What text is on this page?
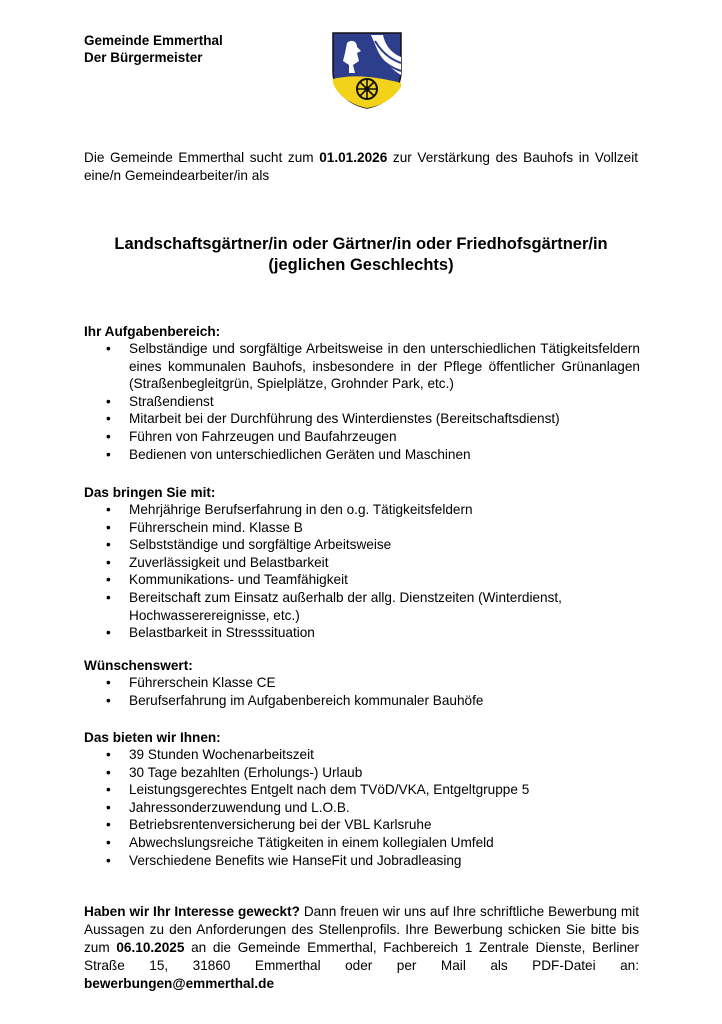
Gemeinde Emmerthal
Der Bürgermeister
Die Gemeinde Emmerthal sucht zum 01.01.2026 zur Verstärkung des Bauhofs in Vollzeit eine/n Gemeindearbeiter/in als
Landschaftsgärtner/in oder Gärtner/in oder Friedhofsgärtner/in
(jeglichen Geschlechts)
Ihr Aufgabenbereich:
• Selbständige und sorgfältige Arbeitsweise in den unterschiedlichen Tätigkeitsfeldern eines kommunalen Bauhofs, insbesondere in der Pflege öffentlicher Grünanlagen (Straßenbegleitgrün, Spielplätze, Grohnder Park, etc.)
• Straßendienst
• Mitarbeit bei der Durchführung des Winterdienstes (Bereitschaftsdienst)
• Führen von Fahrzeugen und Baufahrzeugen
• Bedienen von unterschiedlichen Geräten und Maschinen
Das bringen Sie mit:
• Mehrjährige Berufserfahrung in den o.g. Tätigkeitsfeldern
• Führerschein mind. Klasse B
• Selbstständige und sorgfältige Arbeitsweise
• Zuverlässigkeit und Belastbarkeit
• Kommunikations- und Teamfähigkeit
• Bereitschaft zum Einsatz außerhalb der allg. Dienstzeiten (Winterdienst, Hochwasserereignisse, etc.)
• Belastbarkeit in Stresssituation
Wünschenswert:
• Führerschein Klasse CE
• Berufserfahrung im Aufgabenbereich kommunaler Bauhöfe
Das bieten wir Ihnen:
• 39 Stunden Wochenarbeitszeit
• 30 Tage bezahlten (Erholungs-) Urlaub
• Leistungsgerechtes Entgelt nach dem TVöD/VKA, Entgeltgruppe 5
• Jahressonderzuwendung und L.O.B.
• Betriebsrentenversicherung bei der VBL Karlsruhe
• Abwechslungsreiche Tätigkeiten in einem kollegialen Umfeld
• Verschiedene Benefits wie HanseFit und Jobradleasing
Haben wir Ihr Interesse geweckt? Dann freuen wir uns auf Ihre schriftliche Bewerbung mit Aussagen zu den Anforderungen des Stellenprofils. Ihre Bewerbung schicken Sie bitte bis zum 06.10.2025 an die Gemeinde Emmerthal, Fachbereich 1 Zentrale Dienste, Berliner Straße 15, 31860 Emmerthal oder per Mail als PDF-Datei an: bewerbungen@emmerthal.de
